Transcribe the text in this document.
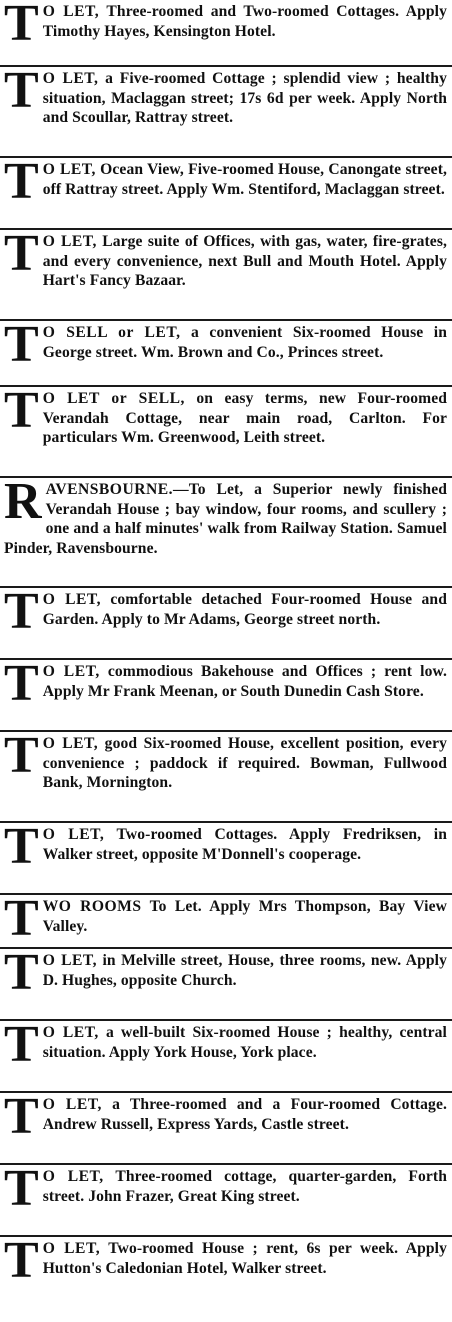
T O LET, Three-roomed and Two-roomed Cottages. Apply Timothy Hayes, Kensington Hotel.
T O LET, a Five-roomed Cottage ; splendid view ; healthy situation, Maclaggan street; 17s 6d per week. Apply North and Scoullar, Rattray street.
T O LET, Ocean View, Five-roomed House, Canongate street, off Rattray street. Apply Wm. Stentiford, Maclaggan street.
T O LET, Large suite of Offices, with gas, water, fire-grates, and every convenience, next Bull and Mouth Hotel. Apply Hart's Fancy Bazaar.
T O SELL or LET, a convenient Six-roomed House in George street. Wm. Brown and Co., Princes street.
T O LET or SELL, on easy terms, new Four-roomed Verandah Cottage, near main road, Carlton. For particulars Wm. Greenwood, Leith street.
RAVENSBOURNE.—To Let, a Superior newly finished Verandah House ; bay window, four rooms, and scullery ; one and a half minutes' walk from Railway Station. Samuel Pinder, Ravensbourne.
T O LET, comfortable detached Four-roomed House and Garden. Apply to Mr Adams, George street north.
T O LET, commodious Bakehouse and Offices ; rent low. Apply Mr Frank Meenan, or South Dunedin Cash Store.
T O LET, good Six-roomed House, excellent position, every convenience ; paddock if required. Bowman, Fullwood Bank, Mornington.
T O LET, Two-roomed Cottages. Apply Fredriksen, in Walker street, opposite M'Donnell's cooperage.
TWO ROOMS To Let. Apply Mrs Thompson, Bay View Valley.
T O LET, in Melville street, House, three rooms, new. Apply D. Hughes, opposite Church.
T O LET, a well-built Six-roomed House ; healthy, central situation. Apply York House, York place.
T O LET, a Three-roomed and a Four-roomed Cottage. Andrew Russell, Express Yards, Castle street.
T O LET, Three-roomed cottage, quarter-garden, Forth street. John Frazer, Great King street.
T O LET, Two-roomed House ; rent, 6s per week. Apply Hutton's Caledonian Hotel, Walker street.
